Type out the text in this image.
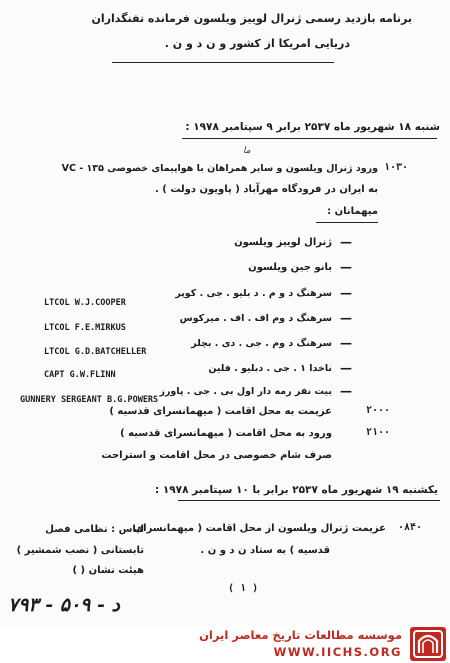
برنامه بازدید رسمی ژنرال لوییز ویلسون فرمانده تفنگداران
دریایی امریکا از کشور و ن د و ن .
شنبه ۱۸ شهریور ماه ۲۵۳۷ برابر ۹ سپتامبر ۱۹۷۸ :
ما
۱۰۳۰
ورود ژنرال ویلسون و سایر همراهان با هواپیمای خصوصی ۱۳۵ - VC
به ایران در فرودگاه مهرآباد ( پاویون دولت ) .
میهمانان :
—
ژنرال لوییز ویلسون
—
بانو جین ویلسون
—
سرهنگ د و م . د بلیو . جی . کوپر
LTCOL W.J.COOPER
—
سرهنگ د وم اف . اف . میرکوس
LTCOL F.E.MIRKUS
—
سرهنگ د وم . جی . دی . بچلر
LTCOL G.D.BATCHELLER
—
ناخدا ۱ . جی . دبلیو . فلین
CAPT G.W.FLINN
—
بیت نفر رمه دار اول بی . جی . پاورز
GUNNERY SERGEANT B.G.POWERS
۲۰۰۰
عزیمت به محل اقامت ( میهمانسرای قدسیه )
۲۱۰۰
ورود به محل اقامت ( میهمانسرای قدسیه )
صرف شام خصوصی در محل اقامت و استراحت
یکشنبه ۱۹ شهریور ماه ۲۵۳۷ برابر با ۱۰ سپتامبر ۱۹۷۸ :
۰۸۴۰
عزیمت ژنرال ویلسون از محل اقامت ( میهمانسرای
قدسیه ) به ستاد ن د و ن .
لباس : نظامی فصل
تابستانی ( نصب شمشیر )
هیئت نشان ( )
( ۱ )
د - ۵۰۹ - ۷۹۳
موسسه مطالعات تاریخ معاصر ایران
WWW.IICHS.ORG
